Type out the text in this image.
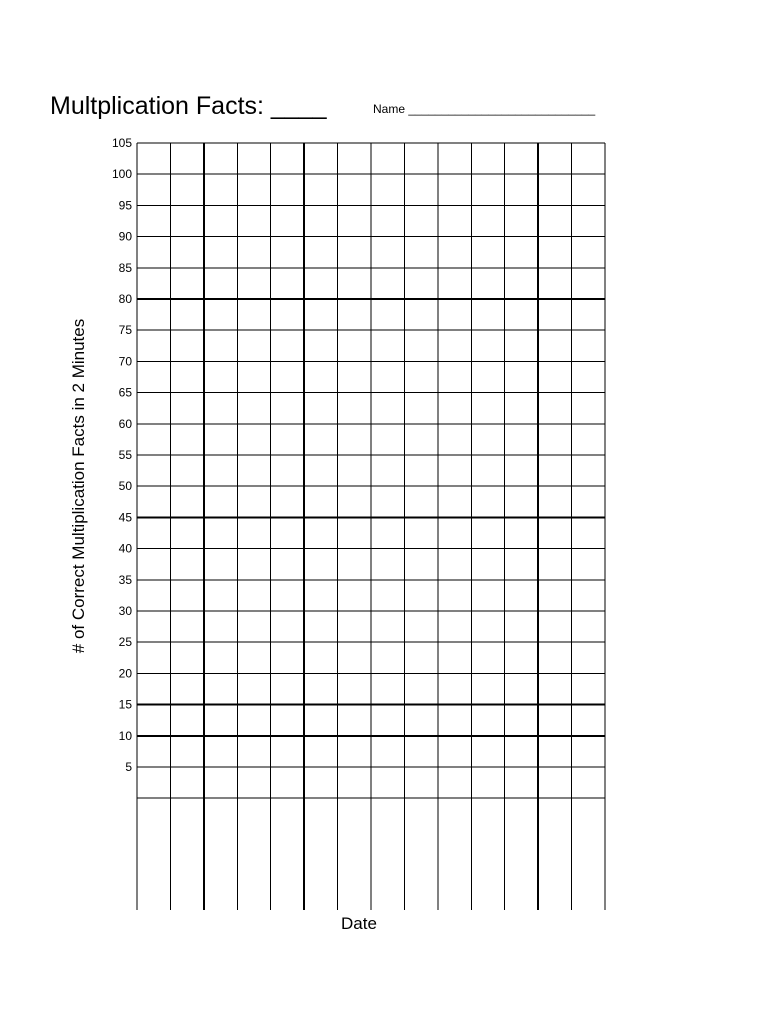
Multplication Facts: ____	Name ____________________________
105
100
95
90
85
80
75
70
65
60
55
50
45
40
35
30
25
20
15
10
5
# of Correct Multiplication Facts in 2 Minutes
Date
